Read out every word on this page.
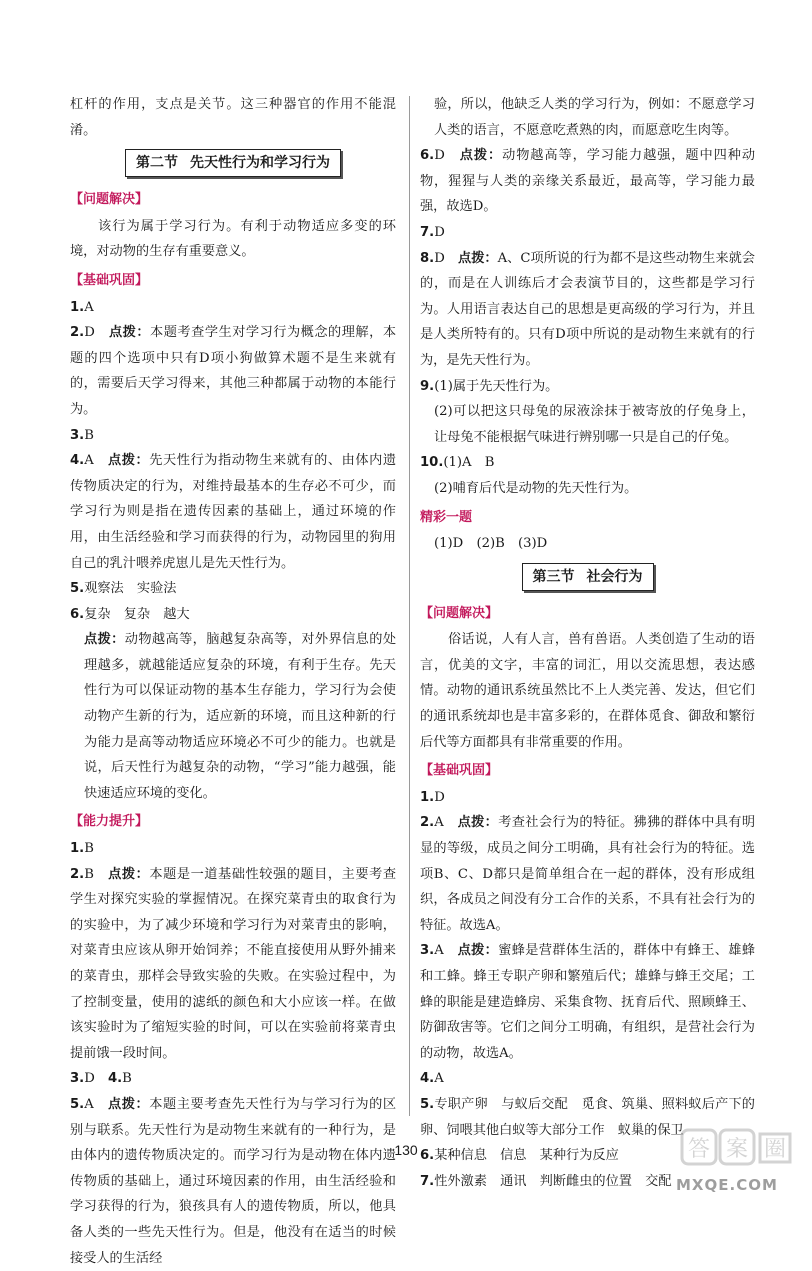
杠杆的作用，支点是关节。这三种器官的作用不能混淆。

第二节 先天性行为和学习行为
【问题解决】

该行为属于学习行为。有利于动物适应多变的环境，对动物的生存有重要意义。

【基础巩固】

1.A

2.D　 点拨：本题考查学生对学习行为概念的理解，本题的四个选项中只有D项小狗做算术题不是生来就有的，需要后天学习得来，其他三种都属于动物的本能行为。

3.B

4.A　 点拨：先天性行为指动物生来就有的、由体内遗传物质决定的行为，对维持最基本的生存必不可少，而学习行为则是指在遗传因素的基础上，通过环境的作用，由生活经验和学习而获得的行为，动物园里的狗用自己的乳汁喂养虎崽儿是先天性行为。

5.观察法　实验法

6.复杂　复杂　越大

点拨：动物越高等，脑越复杂高等，对外界信息的处理越多，就越能适应复杂的环境，有利于生存。先天性行为可以保证动物的基本生存能力，学习行为会使动物产生新的行为，适应新的环境，而且这种新的行为能力是高等动物适应环境必不可少的能力。也就是说，后天性行为越复杂的动物，“学习”能力越强，能快速适应环境的变化。

【能力提升】

1.B

2.B　 点拨：本题是一道基础性较强的题目，主要考查学生对探究实验的掌握情况。在探究菜青虫的取食行为的实验中，为了减少环境和学习行为对菜青虫的影响，对菜青虫应该从卵开始饲养；不能直接使用从野外捕来的菜青虫，那样会导致实验的失败。在实验过程中，为了控制变量，使用的滤纸的颜色和大小应该一样。在做该实验时为了缩短实验的时间，可以在实验前将菜青虫提前饿一段时间。

3.D　 4.B

5.A　 点拨：本题主要考查先天性行为与学习行为的区别与联系。先天性行为是动物生来就有的一种行为，是由体内的遗传物质决定的。而学习行为是动物在体内遗传物质的基础上，通过环境因素的作用，由生活经验和学习获得的行为，狼孩具有人的遗传物质，所以，他具备人类的一些先天性行为。但是，他没有在适当的时候接受人的生活经

验，所以，他缺乏人类的学习行为，例如：不愿意学习人类的语言，不愿意吃煮熟的肉，而愿意吃生肉等。

6.D　 点拨：动物越高等，学习能力越强，题中四种动物，猩猩与人类的亲缘关系最近，最高等，学习能力最强，故选D。

7.D

8.D　 点拨：A、C项所说的行为都不是这些动物生来就会的，而是在人训练后才会表演节目的，这些都是学习行为。人用语言表达自己的思想是更高级的学习行为，并且是人类所特有的。只有D项中所说的是动物生来就有的行为，是先天性行为。

9.(1)属于先天性行为。

(2)可以把这只母兔的尿液涂抹于被寄放的仔兔身上，让母兔不能根据气味进行辨别哪一只是自己的仔兔。

10.(1)A　B

(2)哺育后代是动物的先天性行为。

精彩一题

(1)D　(2)B　(3)D

第三节 社会行为
【问题解决】

俗话说，人有人言，兽有兽语。人类创造了生动的语言，优美的文字，丰富的词汇，用以交流思想，表达感情。动物的通讯系统虽然比不上人类完善、发达，但它们的通讯系统却也是丰富多彩的，在群体觅食、御敌和繁衍后代等方面都具有非常重要的作用。

【基础巩固】

1.D

2.A　 点拨：考查社会行为的特征。狒狒的群体中具有明显的等级，成员之间分工明确，具有社会行为的特征。选项B、C、D都只是简单组合在一起的群体，没有形成组织，各成员之间没有分工合作的关系，不具有社会行为的特征。故选A。

3.A　 点拨：蜜蜂是营群体生活的，群体中有蜂王、雄蜂和工蜂。蜂王专职产卵和繁殖后代；雄蜂与蜂王交尾；工蜂的职能是建造蜂房、采集食物、抚育后代、照顾蜂王、防御敌害等。它们之间分工明确，有组织，是营社会行为的动物，故选A。

4.A

5.专职产卵　与蚁后交配　觅食、筑巢、照料蚁后产下的卵、饲喂其他白蚁等大部分工作　蚁巢的保卫

6.某种信息　信息　某种行为反应

7.性外激素　通讯　判断雌虫的位置　交配

130	答 案 圈
MXQE.COM
